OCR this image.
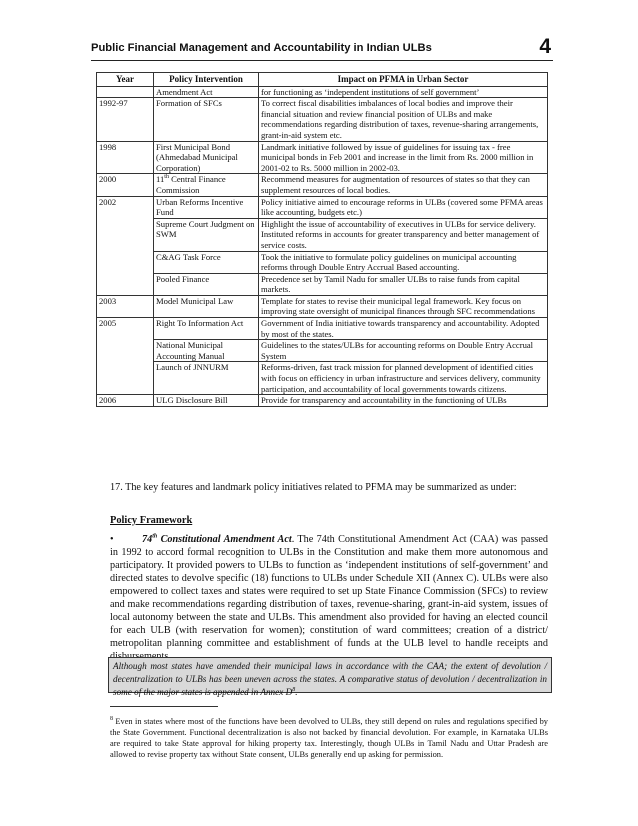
Public Financial Management and Accountability in Indian ULBs	4
Year	Policy Intervention	Impact on PFMA in Urban Sector
	Amendment Act	for functioning as ‘independent institutions of self government’
1992-97	Formation of SFCs	To correct fiscal disabilities imbalances of local bodies and improve their financial situation and review financial position of ULBs and make recommendations regarding distribution of taxes, revenue-sharing arrangements, grant-in-aid system etc.
1998	First Municipal Bond (Ahmedabad Municipal Corporation)	Landmark initiative followed by issue of guidelines for issuing tax - free municipal bonds in Feb 2001 and increase in the limit from Rs. 2000 million in 2001-02 to Rs. 5000 million in 2002-03.
2000	11th Central Finance Commission	Recommend measures for augmentation of resources of states so that they can supplement resources of local bodies.
2002	Urban Reforms Incentive Fund	Policy initiative aimed to encourage reforms in ULBs (covered some PFMA areas like accounting, budgets etc.)
	Supreme Court Judgment on SWM	Highlight the issue of accountability of executives in ULBs for service delivery. Instituted reforms in accounts for greater transparency and better management of service costs.
	C&AG Task Force	Took the initiative to formulate policy guidelines on municipal accounting reforms through Double Entry Accrual Based accounting.
	Pooled Finance	Precedence set by Tamil Nadu for smaller ULBs to raise funds from capital markets.
2003	Model Municipal Law	Template for states to revise their municipal legal framework. Key focus on improving state oversight of municipal finances through SFC recommendations
2005	Right To Information Act	Government of India initiative towards transparency and accountability. Adopted by most of the states.
	National Municipal Accounting Manual	Guidelines to the states/ULBs for accounting reforms on Double Entry Accrual System
	Launch of JNNURM	Reforms-driven, fast track mission for planned development of identified cities with focus on efficiency in urban infrastructure and services delivery, community participation, and accountability of local governments towards citizens.
2006	ULG Disclosure Bill	Provide for transparency and accountability in the functioning of ULBs
17. The key features and landmark policy initiatives related to PFMA may be summarized as under:
Policy Framework
•	74th Constitutional Amendment Act. The 74th Constitutional Amendment Act (CAA) was passed in 1992 to accord formal recognition to ULBs in the Constitution and make them more autonomous and participatory. It provided powers to ULBs to function as ‘independent institutions of self-government’ and directed states to devolve specific (18) functions to ULBs under Schedule XII (Annex C). ULBs were also empowered to collect taxes and states were required to set up State Finance Commission (SFCs) to review and make recommendations regarding distribution of taxes, revenue-sharing, grant-in-aid system, issues of local autonomy between the state and ULBs. This amendment also provided for having an elected council for each ULB (with reservation for women); constitution of ward committees; creation of a district/ metropolitan planning committee and establishment of funds at the ULB level to handle receipts and
Although most states have amended their municipal laws in accordance with the CAA; the extent of devolution / decentralization to ULBs has been uneven across the states. A comparative status of devolution / decentralization in some of the major states is appended in Annex $D^8$.
$^8$ Even in states where most of the functions have been devolved to ULBs, they still depend on rules and regulations specified by the State Government. Functional decentralization is also not backed by financial devolution. For example, in Karnataka ULBs are required to take State approval for hiking property tax. Interestingly, though ULBs in Tamil Nadu and Uttar Pradesh are allowed to revise property tax without State consent, ULBs generally end up asking for permission.
